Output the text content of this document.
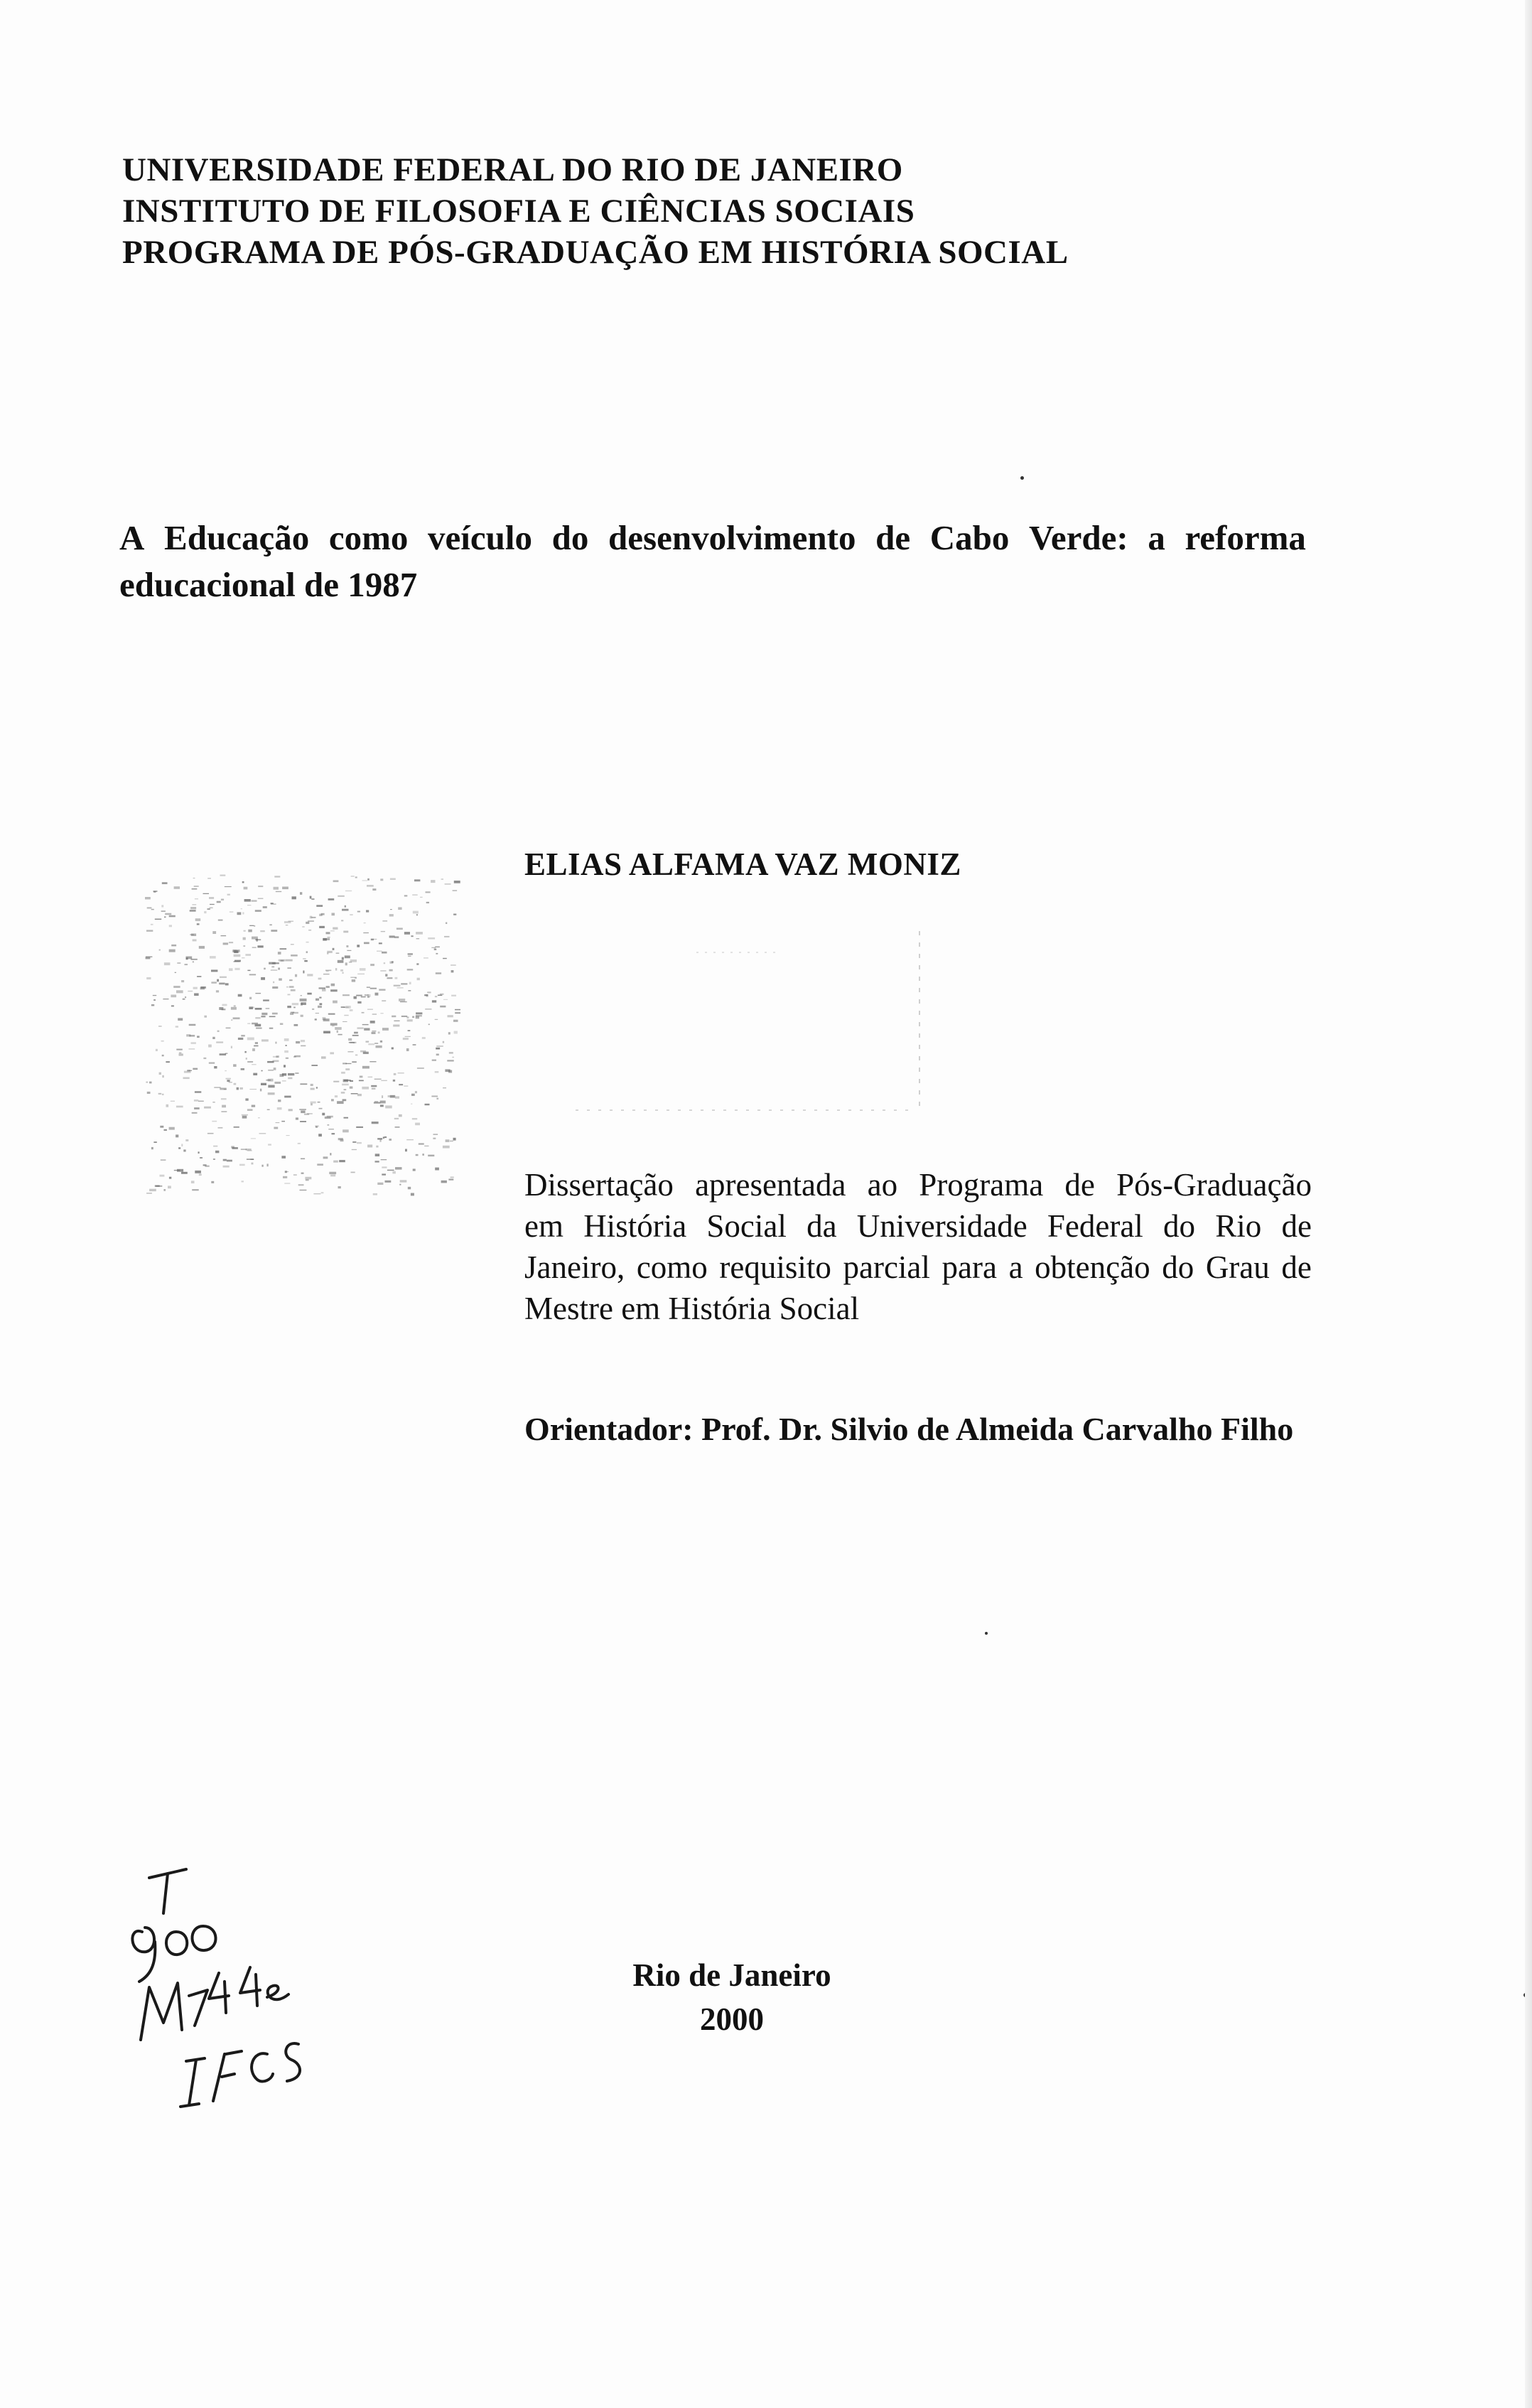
UNIVERSIDADE FEDERAL DO RIO DE JANEIRO
INSTITUTO DE FILOSOFIA E CIÊNCIAS SOCIAIS
PROGRAMA DE PÓS-GRADUAÇÃO EM HISTÓRIA SOCIAL
A Educação como veículo do desenvolvimento de Cabo Verde: a reforma
educacional de 1987
ELIAS ALFAMA VAZ MONIZ
Dissertação apresentada ao Programa de Pós-Graduação
em História Social da Universidade Federal do Rio de
Janeiro, como requisito parcial para a obtenção do Grau de
Mestre em História Social
Orientador: Prof. Dr. Silvio de Almeida Carvalho Filho
Rio de Janeiro
2000
